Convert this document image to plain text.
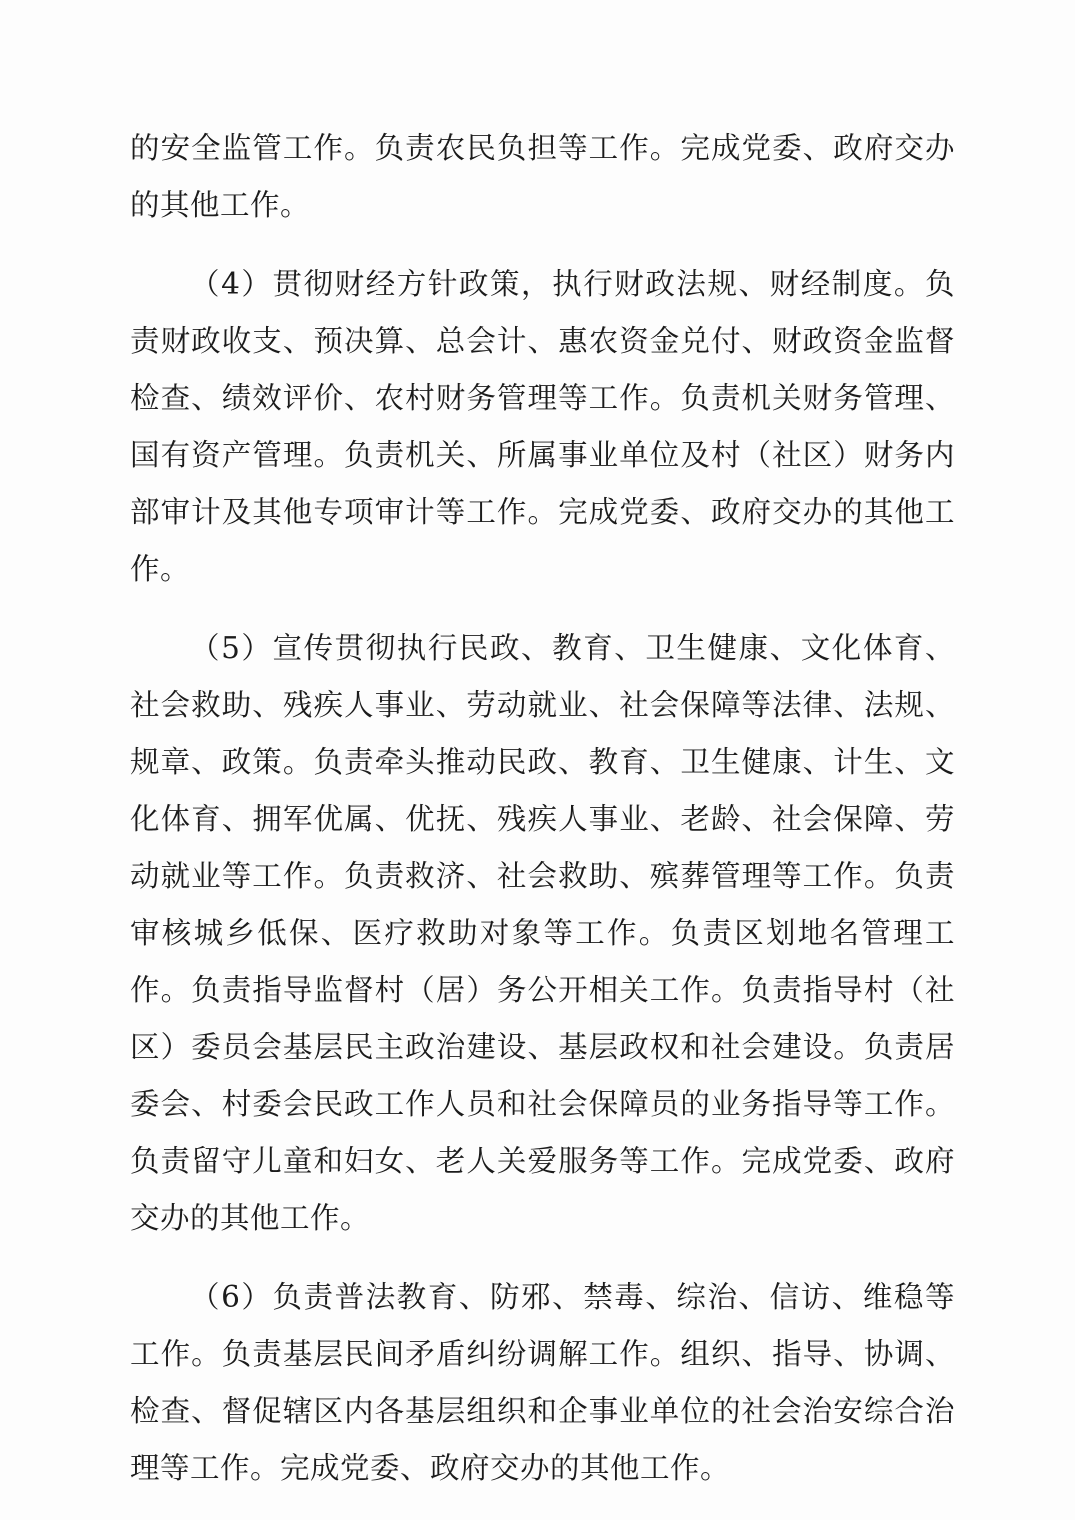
的安全监管工作。负责农民负担等工作。完成党委、政府交办的其他工作。

（4）贯彻财经方针政策，执行财政法规、财经制度。负责财政收支、预决算、总会计、惠农资金兑付、财政资金监督检查、绩效评价、农村财务管理等工作。负责机关财务管理、国有资产管理。负责机关、所属事业单位及村（社区）财务内部审计及其他专项审计等工作。完成党委、政府交办的其他工作。

（5）宣传贯彻执行民政、教育、卫生健康、文化体育、社会救助、残疾人事业、劳动就业、社会保障等法律、法规、规章、政策。负责牵头推动民政、教育、卫生健康、计生、文化体育、拥军优属、优抚、残疾人事业、老龄、社会保障、劳动就业等工作。负责救济、社会救助、殡葬管理等工作。负责审核城乡低保、医疗救助对象等工作。负责区划地名管理工作。负责指导监督村（居）务公开相关工作。负责指导村（社区）委员会基层民主政治建设、基层政权和社会建设。负责居委会、村委会民政工作人员和社会保障员的业务指导等工作。负责留守儿童和妇女、老人关爱服务等工作。完成党委、政府交办的其他工作。

（6）负责普法教育、防邪、禁毒、综治、信访、维稳等工作。负责基层民间矛盾纠纷调解工作。组织、指导、协调、检查、督促辖区内各基层组织和企事业单位的社会治安综合治理等工作。完成党委、政府交办的其他工作。
